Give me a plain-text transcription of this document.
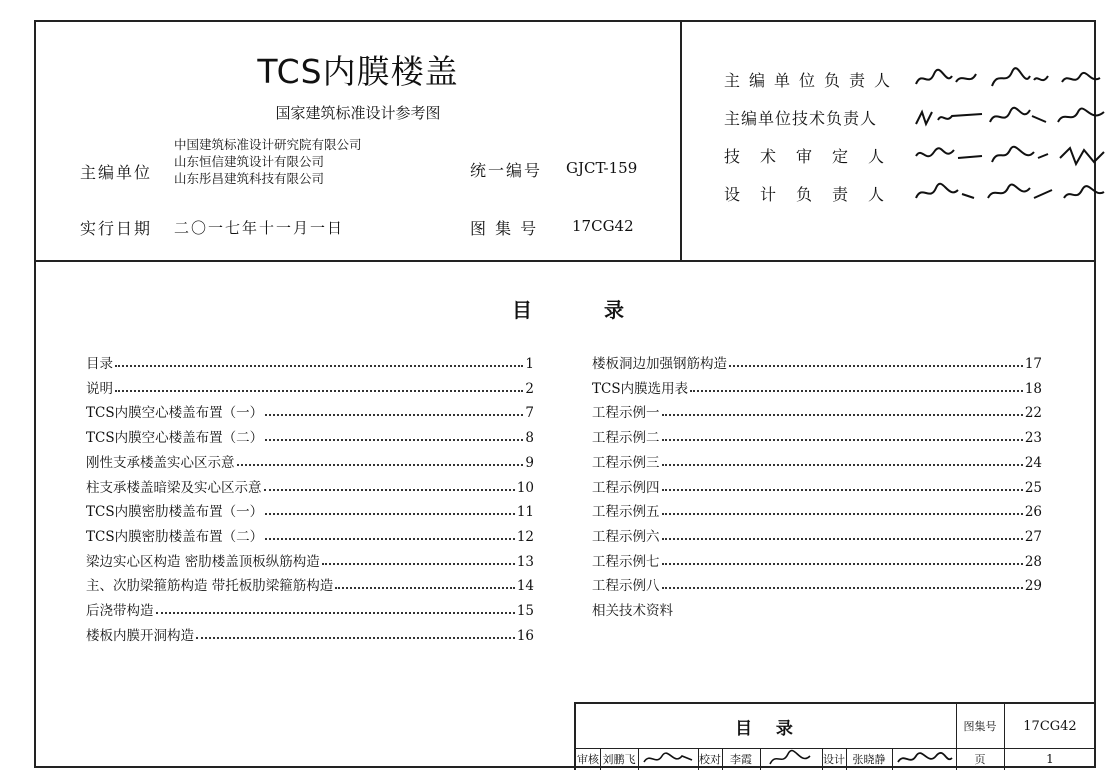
TCS内膜楼盖
国家建筑标准设计参考图
主编单位
中国建筑标准设计研究院有限公司
山东恒信建筑设计有限公司
山东彤昌建筑科技有限公司	统一编号 GJCT-159
实行日期 二〇一七年十一月一日	图 集 号 17CG42
主编单位负责人
主编单位技术负责人
技术审定人
设计负责人
目	录
目录	1
说明	2
TCS内膜空心楼盖布置（一）	7
TCS内膜空心楼盖布置（二）	8
刚性支承楼盖实心区示意	9
柱支承楼盖暗梁及实心区示意	10
TCS内膜密肋楼盖布置（一）	11
TCS内膜密肋楼盖布置（二）	12
梁边实心区构造 密肋楼盖顶板纵筋构造	13
主、次肋梁箍筋构造 带托板肋梁箍筋构造	14
后浇带构造	15
楼板内膜开洞构造	16
楼板洞边加强钢筋构造	17
TCS内膜选用表	18
工程示例一	22
工程示例二	23
工程示例三	24
工程示例四	25
工程示例五	26
工程示例六	27
工程示例七	28
工程示例八	29
相关技术资料
目  录	图集号	17CG42
审核 刘鹏飞	校对 李霞	设计 张晓静	页	1
